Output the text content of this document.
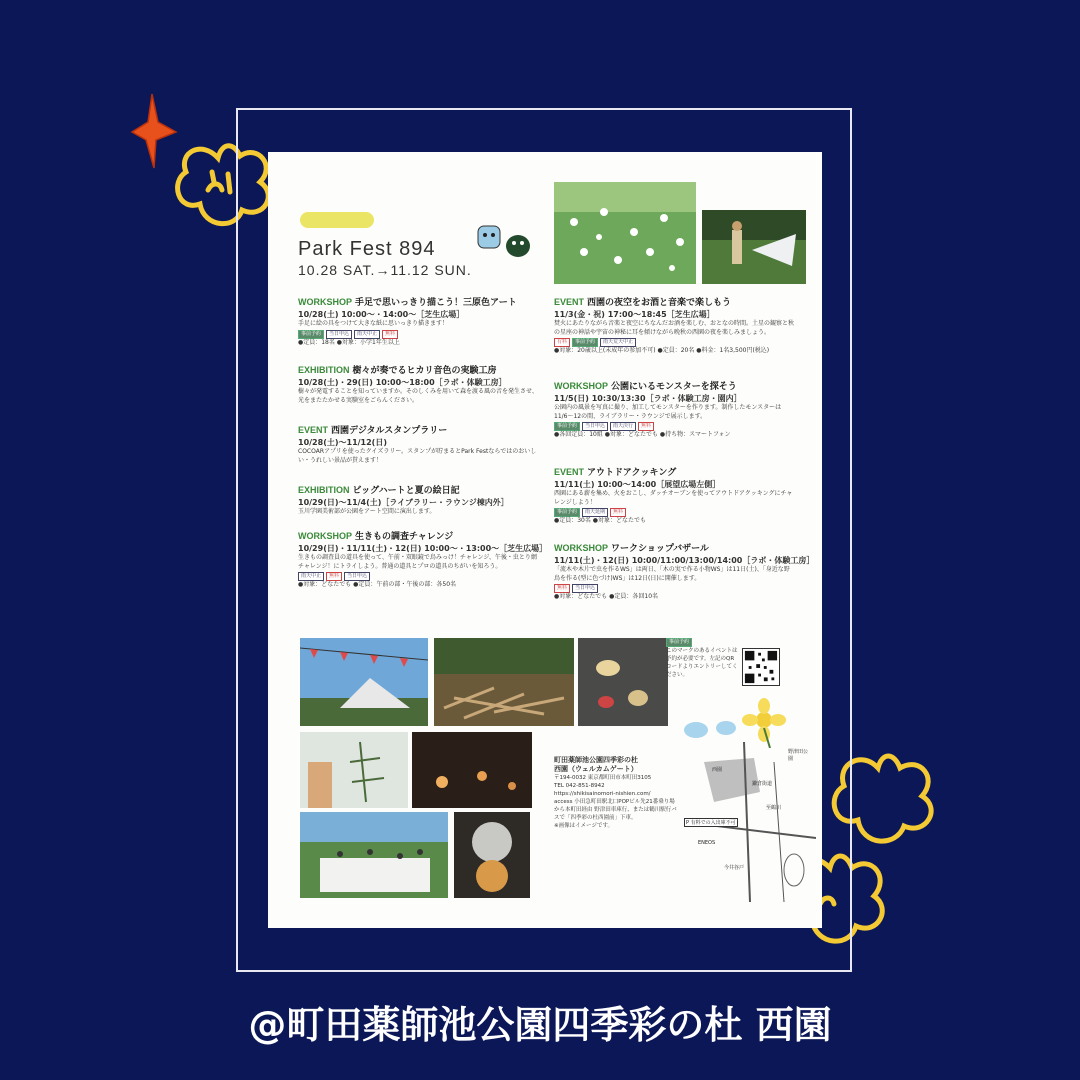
Park Fest 894
10.28 SAT.→11.12 SUN.
WORKSHOP 手足で思いっきり描こう！三原色アート
10/28(土) 10:00～・14:00～［芝生広場］
手足に絵の具をつけて大きな紙に思いっきり描きます！
事前予約 当日申込 雨天中止 無料
●定員：18名 ●対象：小学1年生以上
EXHIBITION 樹々が奏でるヒカリ音色の実験工房
10/28(土)・29(日) 10:00～18:00［ラボ・体験工房］
樹々が発電することを知っていますか。そのしくみを用いて森を渡る風の音を発生させ、光をまたたかせる実験室をごらんください。
EVENT 西園デジタルスタンプラリー
10/28(土)～11/12(日)
COCOARアプリを使ったクイズラリー。スタンプが貯まるとPark Festならではのおいしい・うれしい景品が貰えます！
EXHIBITION ビッグハートと夏の絵日記
10/29(日)～11/4(土)［ライブラリー・ラウンジ棟内外］
玉川学園美術部が公園をアート空間に演出します。
WORKSHOP 生きもの調査チャレンジ
10/29(日)・11/11(土)・12(日) 10:00～・13:00～［芝生広場］
生きもの調査員の道具を使って、午前・双眼鏡で鳥みっけ！チャレンジ、午後・虫とり網チャレンジ！にトライしよう。普通の道具とプロの道具のちがいを知ろう。
雨天中止 無料 当日申込
●対象：どなたでも ●定員：午前の部・午後の部：各50名
EVENT 西園の夜空をお酒と音楽で楽しもう
11/3(金・祝) 17:00～18:45［芝生広場］
焚火にあたりながら音楽と夜空にちなんだお酒を楽しむ、おとなの時間。土星の観察と秋の星座の神話や宇宙の神秘に耳を傾けながら晩秋の西園の夜を楽しみましょう。
有料 事前予約 雨天荒天中止
●対象：20歳以上(未成年の参加不可) ●定員：20名 ●料金：1名3,500円(税込)
WORKSHOP 公園にいるモンスターを探そう
11/5(日) 10:30/13:30［ラボ・体験工房・園内］
公園内の風景を写真に撮り、加工してモンスターを作ります。制作したモンスターは11/6～12の間、ライブラリー・ラウンジで展示します。
事前予約 当日申込 雨天決行 無料
●各回定員：10組 ●対象：どなたでも ●持ち物：スマートフォン
EVENT アウトドアクッキング
11/11(土) 10:00～14:00［展望広場左側］
西園にある薪を集め、火をおこし、ダッチオーブンを使ってアウトドアクッキングにチャレンジしよう！
事前予約 雨天延期 無料
●定員：30名 ●対象：どなたでも
WORKSHOP ワークショップバザール
11/11(土)・12(日) 10:00/11:00/13:00/14:00［ラボ・体験工房］
「流木や木片で虫を作るWS」は両日、「木の実で作る小物WS」は11日(土)、「身近な野鳥を作る(型に色づけ)WS」は12日(日)に開催します。
無料 当日申込
●対象：どなたでも ●定員：各回10名
事前予約
このマークのあるイベントは予約が必要です。左記のQRコードよりエントリーしてください。
町田薬師池公園四季彩の杜
西園（ウェルカムゲート）
〒194-0032 東京都町田市本町田3105
TEL 042-851-8942
https://shikisainomori-nishien.com/
access 小田急町田駅北口POPビル先21番乗り場から本町田経由 野津田車庫行、または鶴川駅行バスで「四季彩の杜西園前」下車。
※画像はイメージです。
西園
野津田公園
鎌倉街道
至鶴川
ENEOS
今井谷戸
P 有料での入出庫不可
@町田薬師池公園四季彩の杜 西園
